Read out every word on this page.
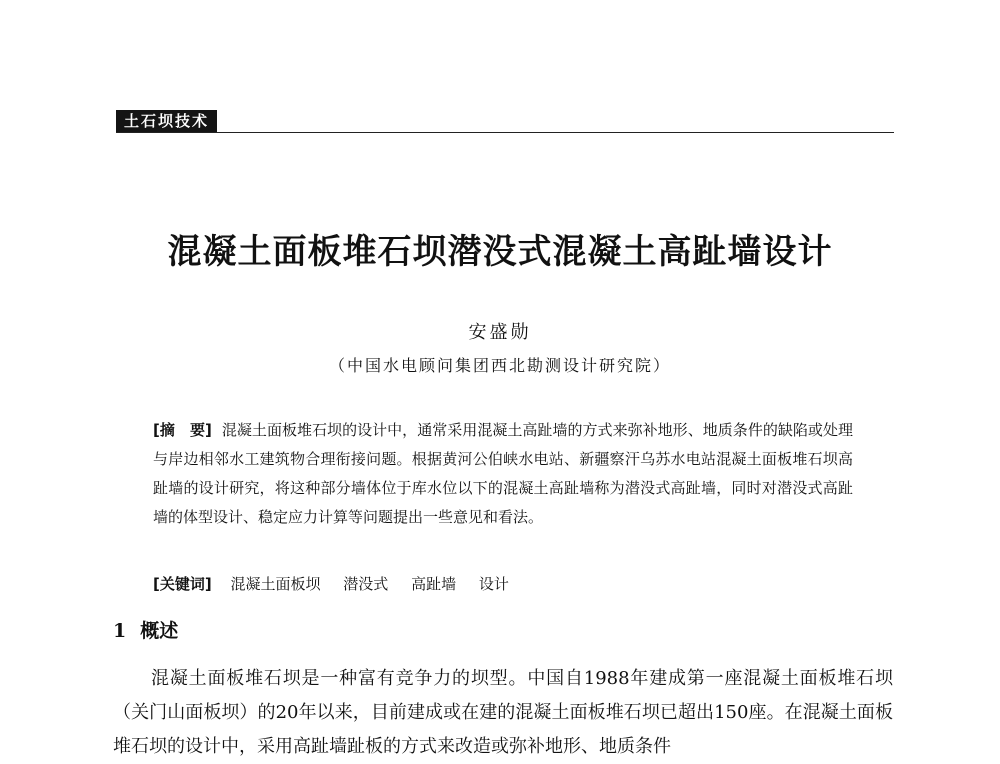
土石坝技术
混凝土面板堆石坝潜没式混凝土高趾墙设计
安盛勋
（中国水电顾问集团西北勘测设计研究院）
[摘　要] 混凝土面板堆石坝的设计中，通常采用混凝土高趾墙的方式来弥补地形、地质条件的缺陷或处理与岸边相邻水工建筑物合理衔接问题。根据黄河公伯峡水电站、新疆察汗乌苏水电站混凝土面板堆石坝高趾墙的设计研究，将这种部分墙体位于库水位以下的混凝土高趾墙称为潜没式高趾墙，同时对潜没式高趾墙的体型设计、稳定应力计算等问题提出一些意见和看法。
[关键词] 混凝土面板坝 潜没式 高趾墙 设计
1 概述
混凝土面板堆石坝是一种富有竞争力的坝型。中国自1988年建成第一座混凝土面板堆石坝（关门山面板坝）的20年以来，目前建成或在建的混凝土面板堆石坝已超出150座。在混凝土面板堆石坝的设计中，采用高趾墙趾板的方式来改造或弥补地形、地质条件
